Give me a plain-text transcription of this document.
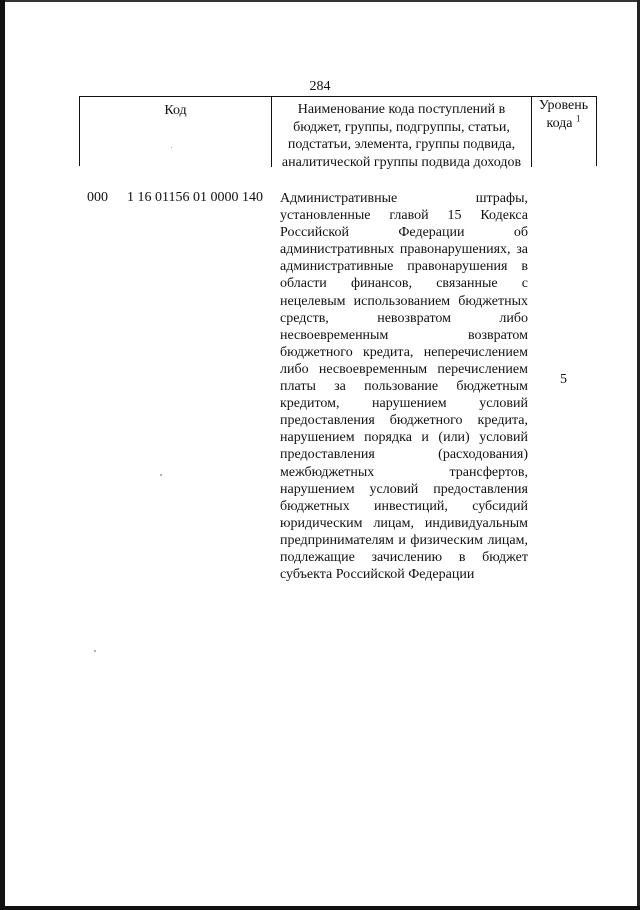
284
Код	Наименование кода поступлений в
бюджет, группы, подгруппы, статьи,
подстатьи, элемента, группы подвида,
аналитической группы подвида доходов
Уровень
кода $^1$
000 1 16 01156 01 0000 140 Административные штрафы,
установленные главой 15 Кодекса
Российской Федерации об
административных правонарушениях, за
административные правонарушения в
области финансов, связанные с
нецелевым использованием бюджетных
средств, невозвратом либо
несвоевременным возвратом
бюджетного кредита, неперечислением
либо несвоевременным перечислением
платы за пользование бюджетным
кредитом, нарушением условий
предоставления бюджетного кредита,
нарушением порядка и (или) условий
предоставления (расходования)
межбюджетных трансфертов,
нарушением условий предоставления
бюджетных инвестиций, субсидий
юридическим лицам, индивидуальным
предпринимателям и физическим лицам,
подлежащие зачислению в бюджет
субъекта Российской Федерации
5
